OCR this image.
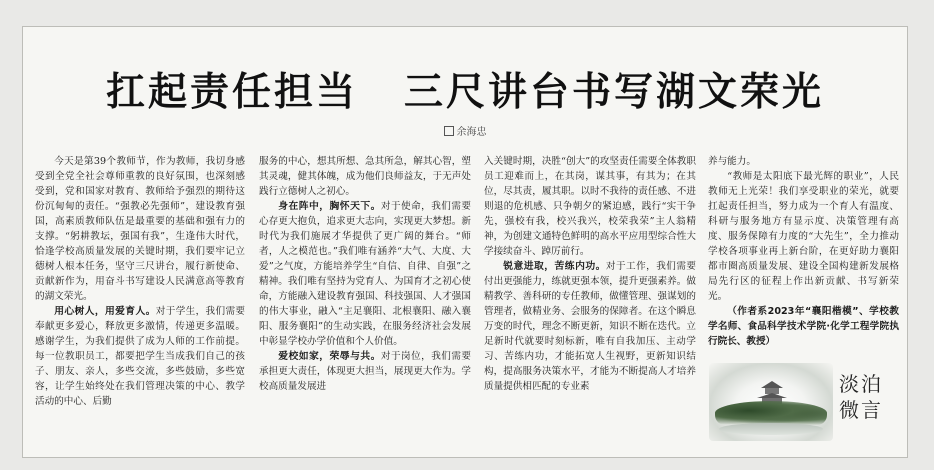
扛起责任担当 三尺讲台书写湖文荣光
余海忠

今天是第39个教师节，作为教师，我切身感受到全党全社会尊师重教的良好氛围，也深刻感受到，党和国家对教育、教师给予强烈的期待这份沉甸甸的责任。“强教必先强师”，建设教育强国，高素质教师队伍是最重要的基础和强有力的支撑。“躬耕教坛，强国有我”，生逢伟大时代，恰逢学校高质量发展的关键时期，我们要牢记立德树人根本任务，坚守三尺讲台，履行新使命、贡献新作为，用奋斗书写建设人民满意高等教育的湖文荣光。

用心树人，用爱育人。对于学生，我们需要奉献更多爱心，释放更多激情，传递更多温暖。感谢学生，为我们提供了成为人师的工作前提。每一位教职员工，都要把学生当成我们自己的孩子、朋友、亲人，多些交流，多些鼓励，多些宽容，让学生始终处在我们管理决策的中心、教学活动的中心、后勤

服务的中心，想其所想、急其所急，解其心智，塑其灵魂，健其体魄，成为他们良师益友，于无声处践行立德树人之初心。

身在阵中，胸怀天下。对于使命，我们需要心存更大抱负，追求更大志向，实现更大梦想。新时代为我们施展才华提供了更广阔的舞台。“师者，人之模范也。”我们唯有涵养“大气、大度、大爱”之气度，方能培养学生“自信、自律、自强”之精神。我们唯有坚持为党育人、为国育才之初心使命，方能融入建设教育强国、科技强国、人才强国的伟大事业，融入“主足襄阳、北根襄阳、融入襄阳、服务襄阳”的生动实践，在服务经济社会发展中彰显学校办学价值和个人价值。

爱校如家，荣辱与共。对于岗位，我们需要承担更大责任，体现更大担当，展现更大作为。学校高质量发展进

入关键时期，决胜“创大”的攻坚责任需要全体教职员工迎难而上，在其岗，谋其事，有其为；在其位，尽其责，履其职。以时不我待的责任感、不进则退的危机感、只争朝夕的紧迫感，践行“实干争先，强校有我，校兴我兴，校荣我荣”主人翁精神，为创建文通特色鲜明的高水平应用型综合性大学接续奋斗、踔厉前行。

锐意进取，苦练内功。对于工作，我们需要付出更强能力，练就更强本领，提升更强素养。做精教学、善科研的专任教师，做懂管理、强谋划的管理者，做精业务、会服务的保障者。在这个瞬息万变的时代，理念不断更新，知识不断在迭代。立足新时代就要时刻标新，唯有自我加压、主动学习、苦练内功，才能拓宽人生视野，更新知识结构，提高服务决策水平，才能为不断提高人才培养质量提供相匹配的专业素

养与能力。

“教师是太阳底下最光辉的职业”，人民教师无上光荣！我们享受职业的荣光，就要扛起责任担当，努力成为一个育人有温度、科研与服务地方有显示度、决策管理有高度、服务保障有力度的“大先生”，全力推动学校各项事业再上新台阶，在更好助力襄阳都市圈高质量发展、建设全国构建新发展格局先行区的征程上作出新贡献、书写新荣光。

（作者系2023年“襄阳楷模”、学校教学名师、食品科学技术学院·化学工程学院执行院长、教授）

淡泊
微言
